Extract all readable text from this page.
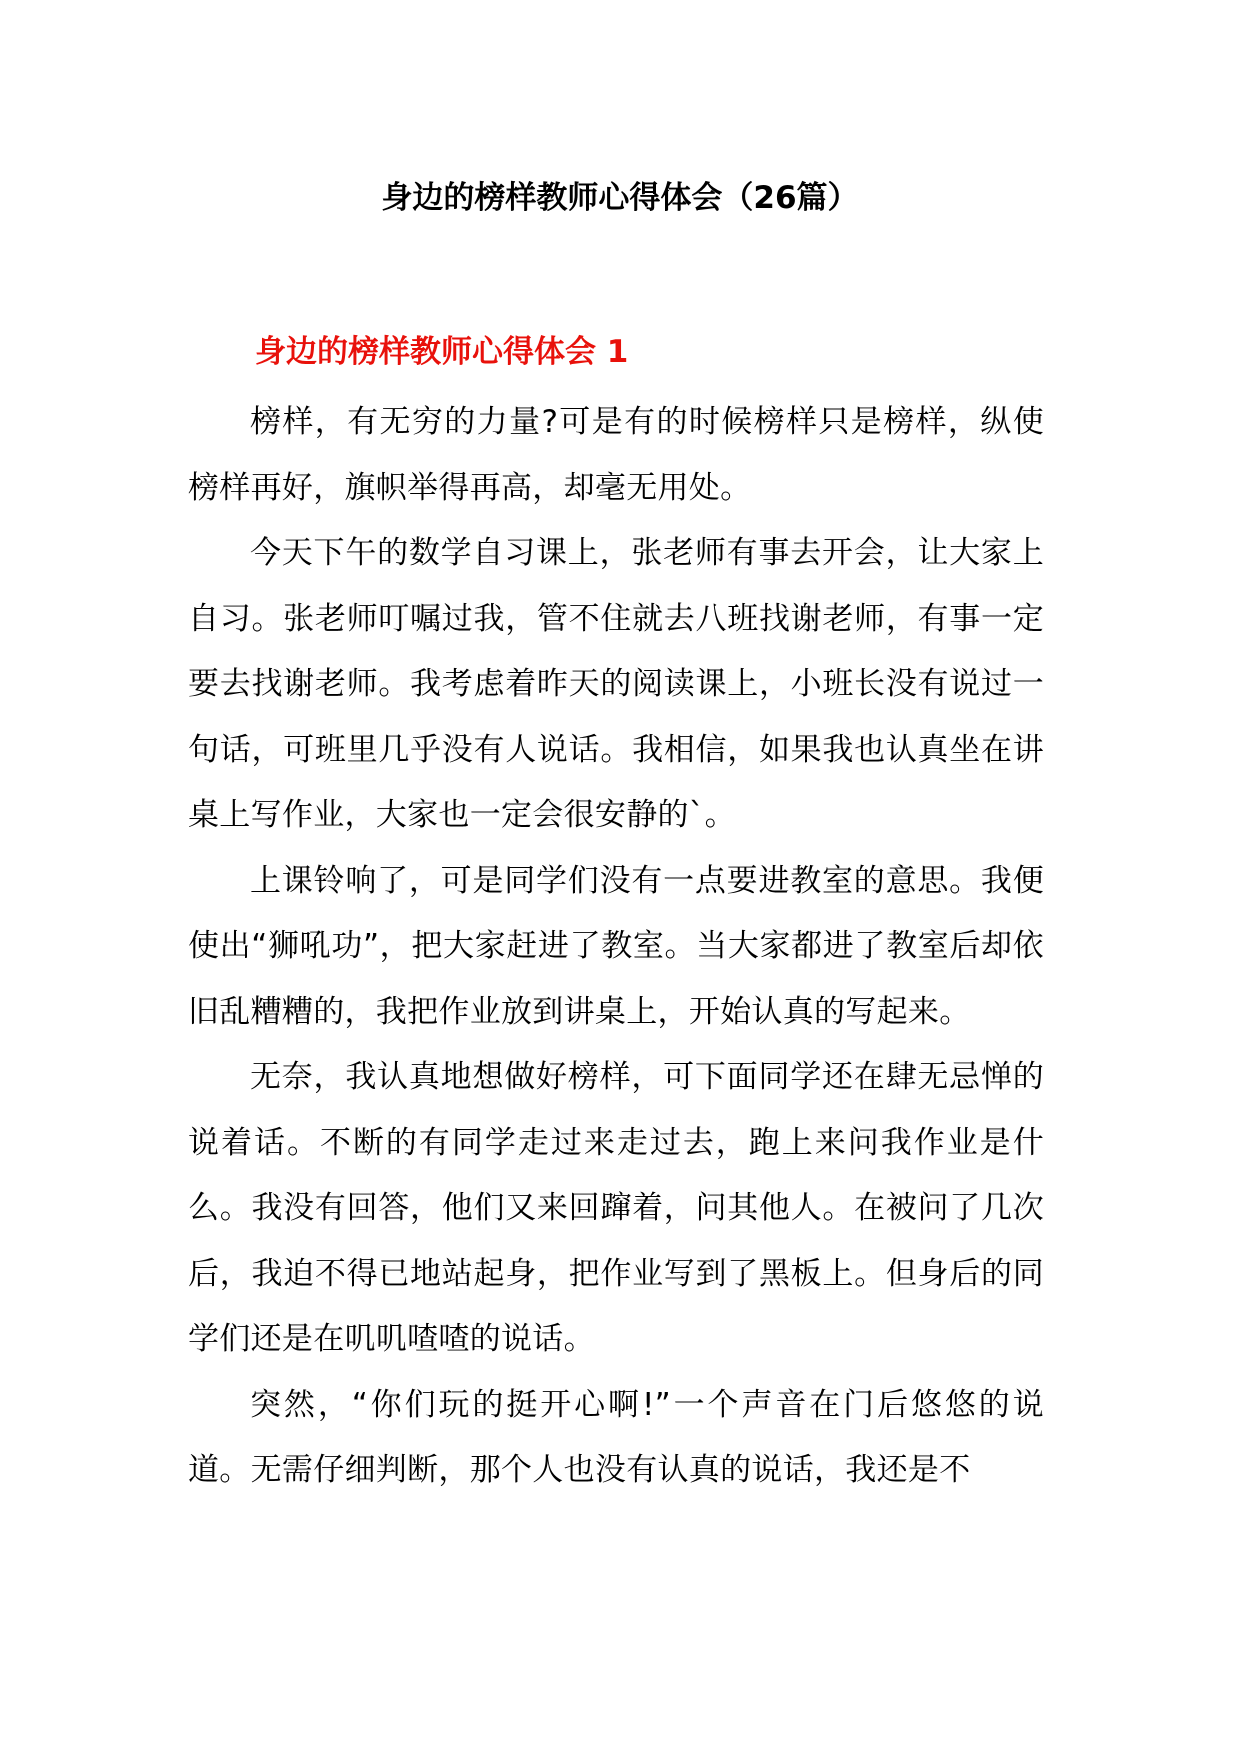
身边的榜样教师心得体会（26篇）
身边的榜样教师心得体会 1

榜样，有无穷的力量?可是有的时候榜样只是榜样，纵使榜样再好，旗帜举得再高，却毫无用处。

今天下午的数学自习课上，张老师有事去开会，让大家上自习。张老师叮嘱过我，管不住就去八班找谢老师，有事一定要去找谢老师。我考虑着昨天的阅读课上，小班长没有说过一句话，可班里几乎没有人说话。我相信，如果我也认真坐在讲桌上写作业，大家也一定会很安静的`。

上课铃响了，可是同学们没有一点要进教室的意思。我便使出“狮吼功”，把大家赶进了教室。当大家都进了教室后却依旧乱糟糟的，我把作业放到讲桌上，开始认真的写起来。

无奈，我认真地想做好榜样，可下面同学还在肆无忌惮的说着话。不断的有同学走过来走过去，跑上来问我作业是什么。我没有回答，他们又来回蹿着，问其他人。在被问了几次后，我迫不得已地站起身，把作业写到了黑板上。但身后的同学们还是在叽叽喳喳的说话。

突然，“你们玩的挺开心啊!”一个声音在门后悠悠的说道。无需仔细判断，那个人也没有认真的说话，我还是不
